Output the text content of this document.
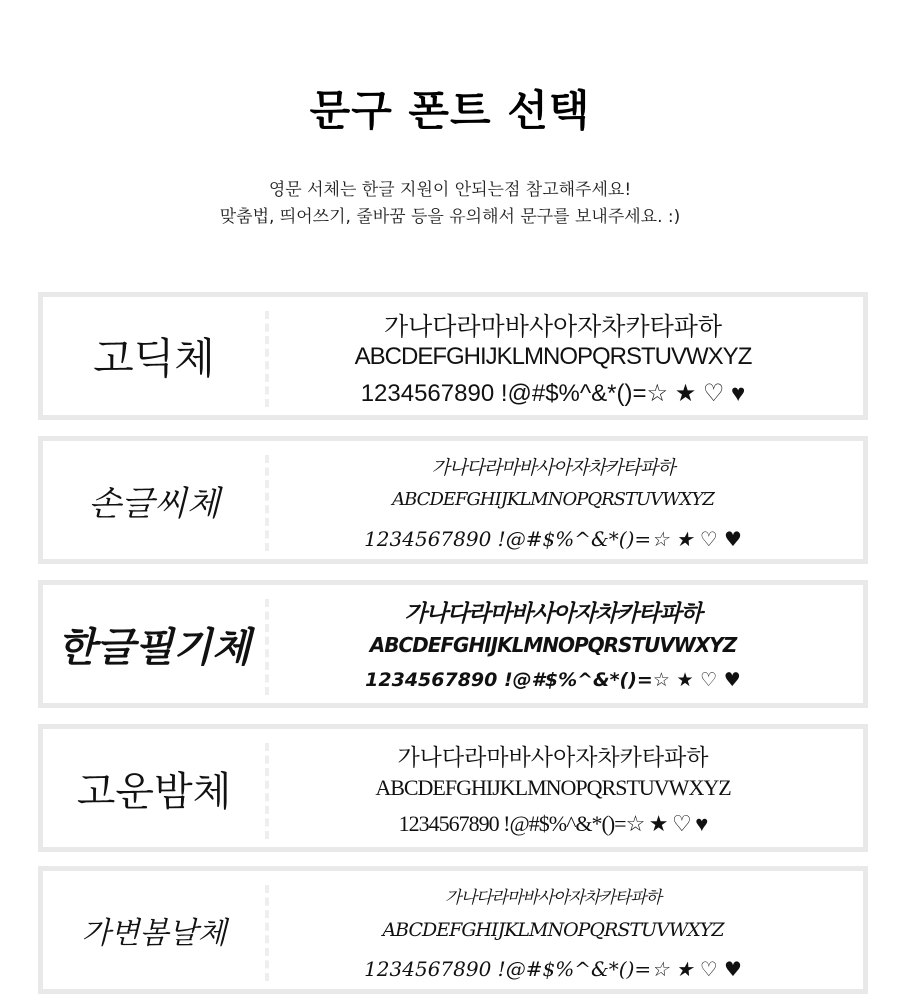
문구 폰트 선택
영문 서체는 한글 지원이 안되는점 참고해주세요!
맞춤법, 띄어쓰기, 줄바꿈 등을 유의해서 문구를 보내주세요. :)
고딕체
가나다라마바사아자차카타파하
ABCDEFGHIJKLMNOPQRSTUVWXYZ
1234567890 !@#$%^&*()=☆ ★ ♡ ♥
손글씨체
가나다라마바사아자차카타파하
ABCDEFGHIJKLMNOPQRSTUVWXYZ
1234567890 !@#$%^&*()=☆ ★ ♡ ♥
한글필기체
가나다라마바사아자차카타파하
ABCDEFGHIJKLMNOPQRSTUVWXYZ
1234567890 !@#$%^&*()=☆ ★ ♡ ♥
고운밤체
가나다라마바사아자차카타파하
ABCDEFGHIJKLMNOPQRSTUVWXYZ
1234567890 !@#$%^&*()=☆ ★ ♡ ♥
가변봄날체
가나다라마바사아자차카타파하
ABCDEFGHIJKLMNOPQRSTUVWXYZ
1234567890 !@#$%^&*()=☆ ★ ♡ ♥
